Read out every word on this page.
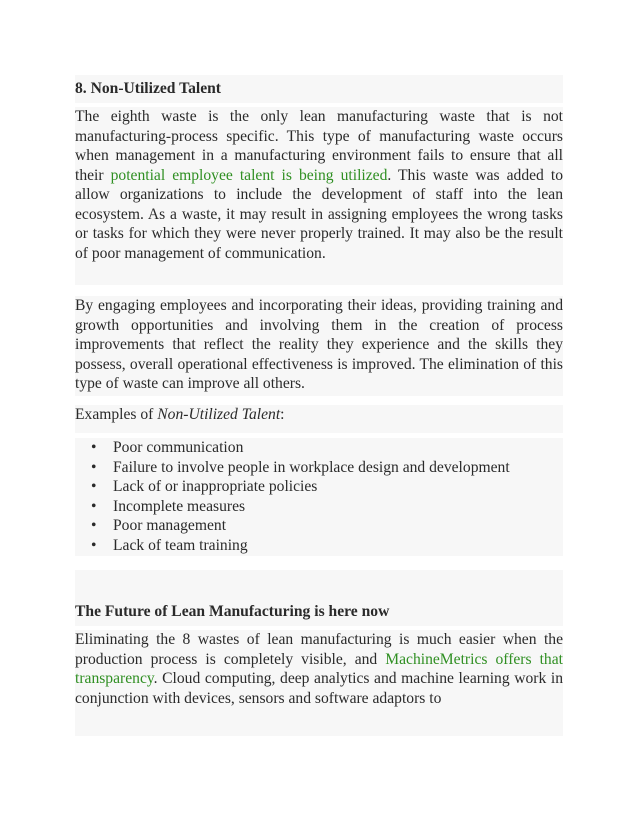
8. Non-Utilized Talent
The eighth waste is the only lean manufacturing waste that is not manufacturing-process specific. This type of manufacturing waste occurs when management in a manufacturing environment fails to ensure that all their potential employee talent is being utilized. This waste was added to allow organizations to include the development of staff into the lean ecosystem. As a waste, it may result in assigning employees the wrong tasks or tasks for which they were never properly trained. It may also be the result of poor management of communication.
By engaging employees and incorporating their ideas, providing training and growth opportunities and involving them in the creation of process improvements that reflect the reality they experience and the skills they possess, overall operational effectiveness is improved. The elimination of this type of waste can improve all others.
Examples of Non-Utilized Talent:
• Poor communication
• Failure to involve people in workplace design and development
• Lack of or inappropriate policies
• Incomplete measures
• Poor management
• Lack of team training
The Future of Lean Manufacturing is here now
Eliminating the 8 wastes of lean manufacturing is much easier when the production process is completely visible, and MachineMetrics offers that transparency. Cloud computing, deep analytics and machine learning work in conjunction with devices, sensors and software adaptors to
